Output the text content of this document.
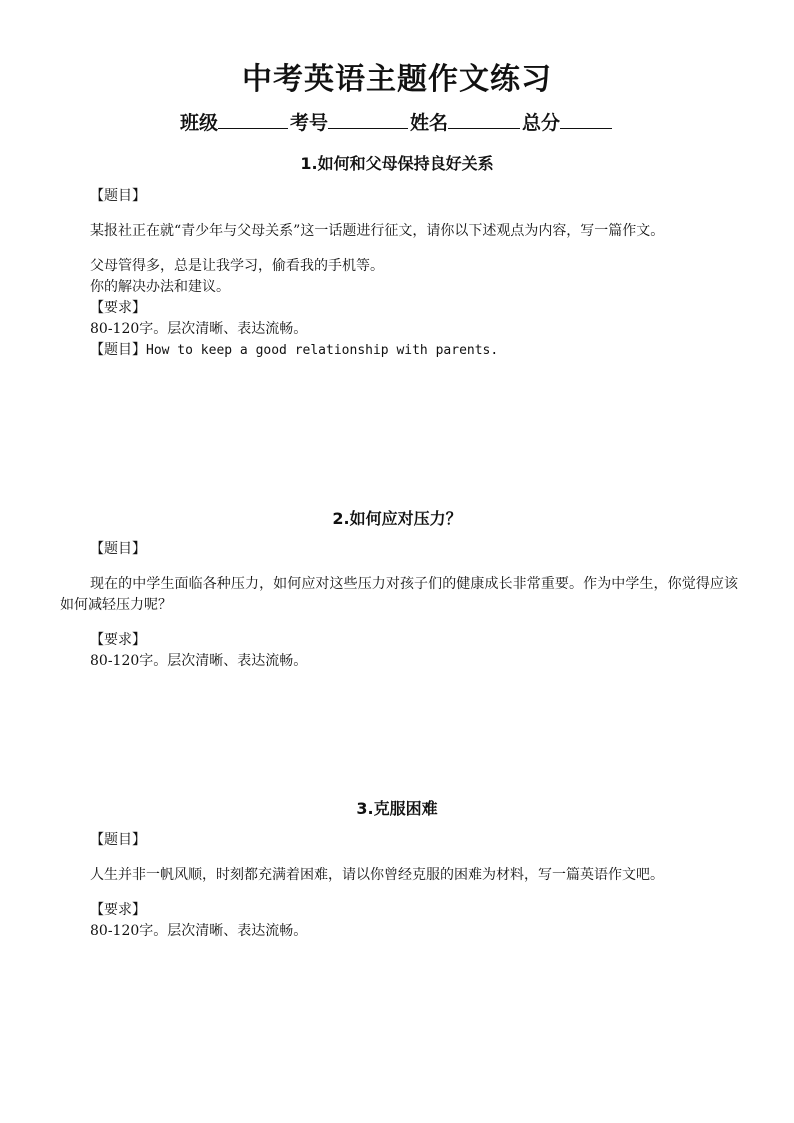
中考英语主题作文练习
班级	考号	姓名	总分
1.如何和父母保持良好关系

【题目】

某报社正在就“青少年与父母关系”这一话题进行征文，请你以下述观点为内容，写一篇作文。

父母管得多，总是让我学习，偷看我的手机等。

你的解决办法和建议。

【要求】

80-120字。层次清晰、表达流畅。

【题目】How to keep a good relationship with parents.

2.如何应对压力？

【题目】

现在的中学生面临各种压力，如何应对这些压力对孩子们的健康成长非常重要。作为中学生，你觉得应该如何减轻压力呢？

【要求】

80-120字。层次清晰、表达流畅。

3.克服困难

【题目】

人生并非一帆风顺，时刻都充满着困难，请以你曾经克服的困难为材料，写一篇英语作文吧。

【要求】

80-120字。层次清晰、表达流畅。
